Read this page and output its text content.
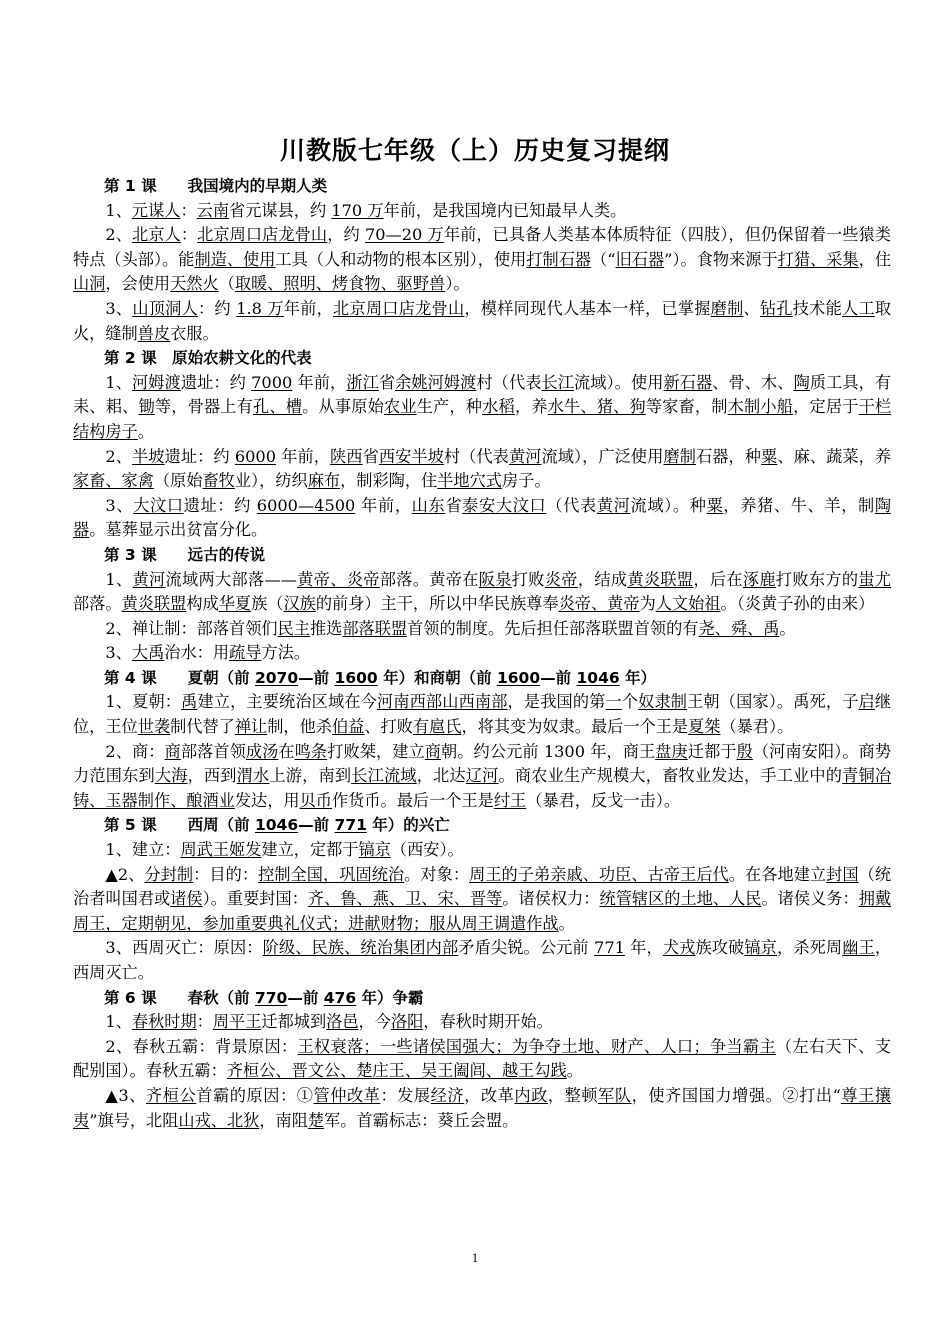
川教版七年级（上）历史复习提纲

第 1 课　　我国境内的早期人类

1、元谋人：云南省元谋县，约 170 万年前，是我国境内已知最早人类。

2、北京人：北京周口店龙骨山，约 70—20 万年前，已具备人类基本体质特征（四肢），但仍保留着一些猿类特点（头部）。能制造、使用工具（人和动物的根本区别），使用打制石器（“旧石器”）。食物来源于打猎、采集，住山洞，会使用天然火（取暖、照明、烤食物、驱野兽）。

3、山顶洞人：约 1.8 万年前，北京周口店龙骨山，模样同现代人基本一样，已掌握磨制、钻孔技术能人工取火，缝制兽皮衣服。

第 2 课　原始农耕文化的代表

1、河姆渡遗址：约 7000 年前，浙江省余姚河姆渡村（代表长江流域）。使用新石器、骨、木、陶质工具，有耒、耜、锄等，骨器上有孔、槽。从事原始农业生产，种水稻，养水牛、猪、狗等家畜，制木制小船，定居于干栏结构房子。

2、半坡遗址：约 6000 年前，陕西省西安半坡村（代表黄河流域），广泛使用磨制石器，种粟、麻、蔬菜，养家畜、家禽（原始畜牧业），纺织麻布，制彩陶，住半地穴式房子。

3、大汶口遗址：约 6000—4500 年前，山东省泰安大汶口（代表黄河流域）。种粟，养猪、牛、羊，制陶器。墓葬显示出贫富分化。

第 3 课　　远古的传说

1、黄河流域两大部落——黄帝、炎帝部落。黄帝在阪泉打败炎帝，结成黄炎联盟，后在涿鹿打败东方的蚩尤部落。黄炎联盟构成华夏族（汉族的前身）主干，所以中华民族尊奉炎帝、黄帝为人文始祖。（炎黄子孙的由来）

2、禅让制：部落首领们民主推选部落联盟首领的制度。先后担任部落联盟首领的有尧、舜、禹。

3、大禹治水：用疏导方法。

第 4 课　　夏朝（前 2070—前 1600 年）和商朝（前 1600—前 1046 年）

1、夏朝：禹建立，主要统治区域在今河南西部山西南部，是我国的第一个奴隶制王朝（国家）。禹死，子启继位，王位世袭制代替了禅让制，他杀伯益、打败有扈氏，将其变为奴隶。最后一个王是夏桀（暴君）。

2、商：商部落首领成汤在鸣条打败桀，建立商朝。约公元前 1300 年，商王盘庚迁都于殷（河南安阳）。商势力范围东到大海，西到渭水上游，南到长江流域，北达辽河。商农业生产规模大，畜牧业发达，手工业中的青铜冶铸、玉器制作、酿酒业发达，用贝币作货币。最后一个王是纣王（暴君，反戈一击）。

第 5 课　　西周（前 1046—前 771 年）的兴亡

1、建立：周武王姬发建立，定都于镐京（西安）。

▲2、分封制：目的：控制全国，巩固统治。对象：周王的子弟亲戚、功臣、古帝王后代。在各地建立封国（统治者叫国君或诸侯）。重要封国：齐、鲁、燕、卫、宋、晋等。诸侯权力：统管辖区的土地、人民。诸侯义务：拥戴周王，定期朝见，参加重要典礼仪式；进献财物；服从周王调遣作战。

3、西周灭亡：原因：阶级、民族、统治集团内部矛盾尖锐。公元前 771 年，犬戎族攻破镐京，杀死周幽王，西周灭亡。

第 6 课　　春秋（前 770—前 476 年）争霸

1、春秋时期：周平王迁都城到洛邑，今洛阳，春秋时期开始。

2、春秋五霸：背景原因：王权衰落；一些诸侯国强大；为争夺土地、财产、人口；争当霸主（左右天下、支配别国）。春秋五霸：齐桓公、晋文公、楚庄王、吴王阖闾、越王勾践。

▲3、齐桓公首霸的原因：①管仲改革：发展经济，改革内政，整顿军队，使齐国国力增强。②打出“尊王攘夷”旗号，北阻山戎、北狄，南阻楚军。首霸标志：葵丘会盟。

1
